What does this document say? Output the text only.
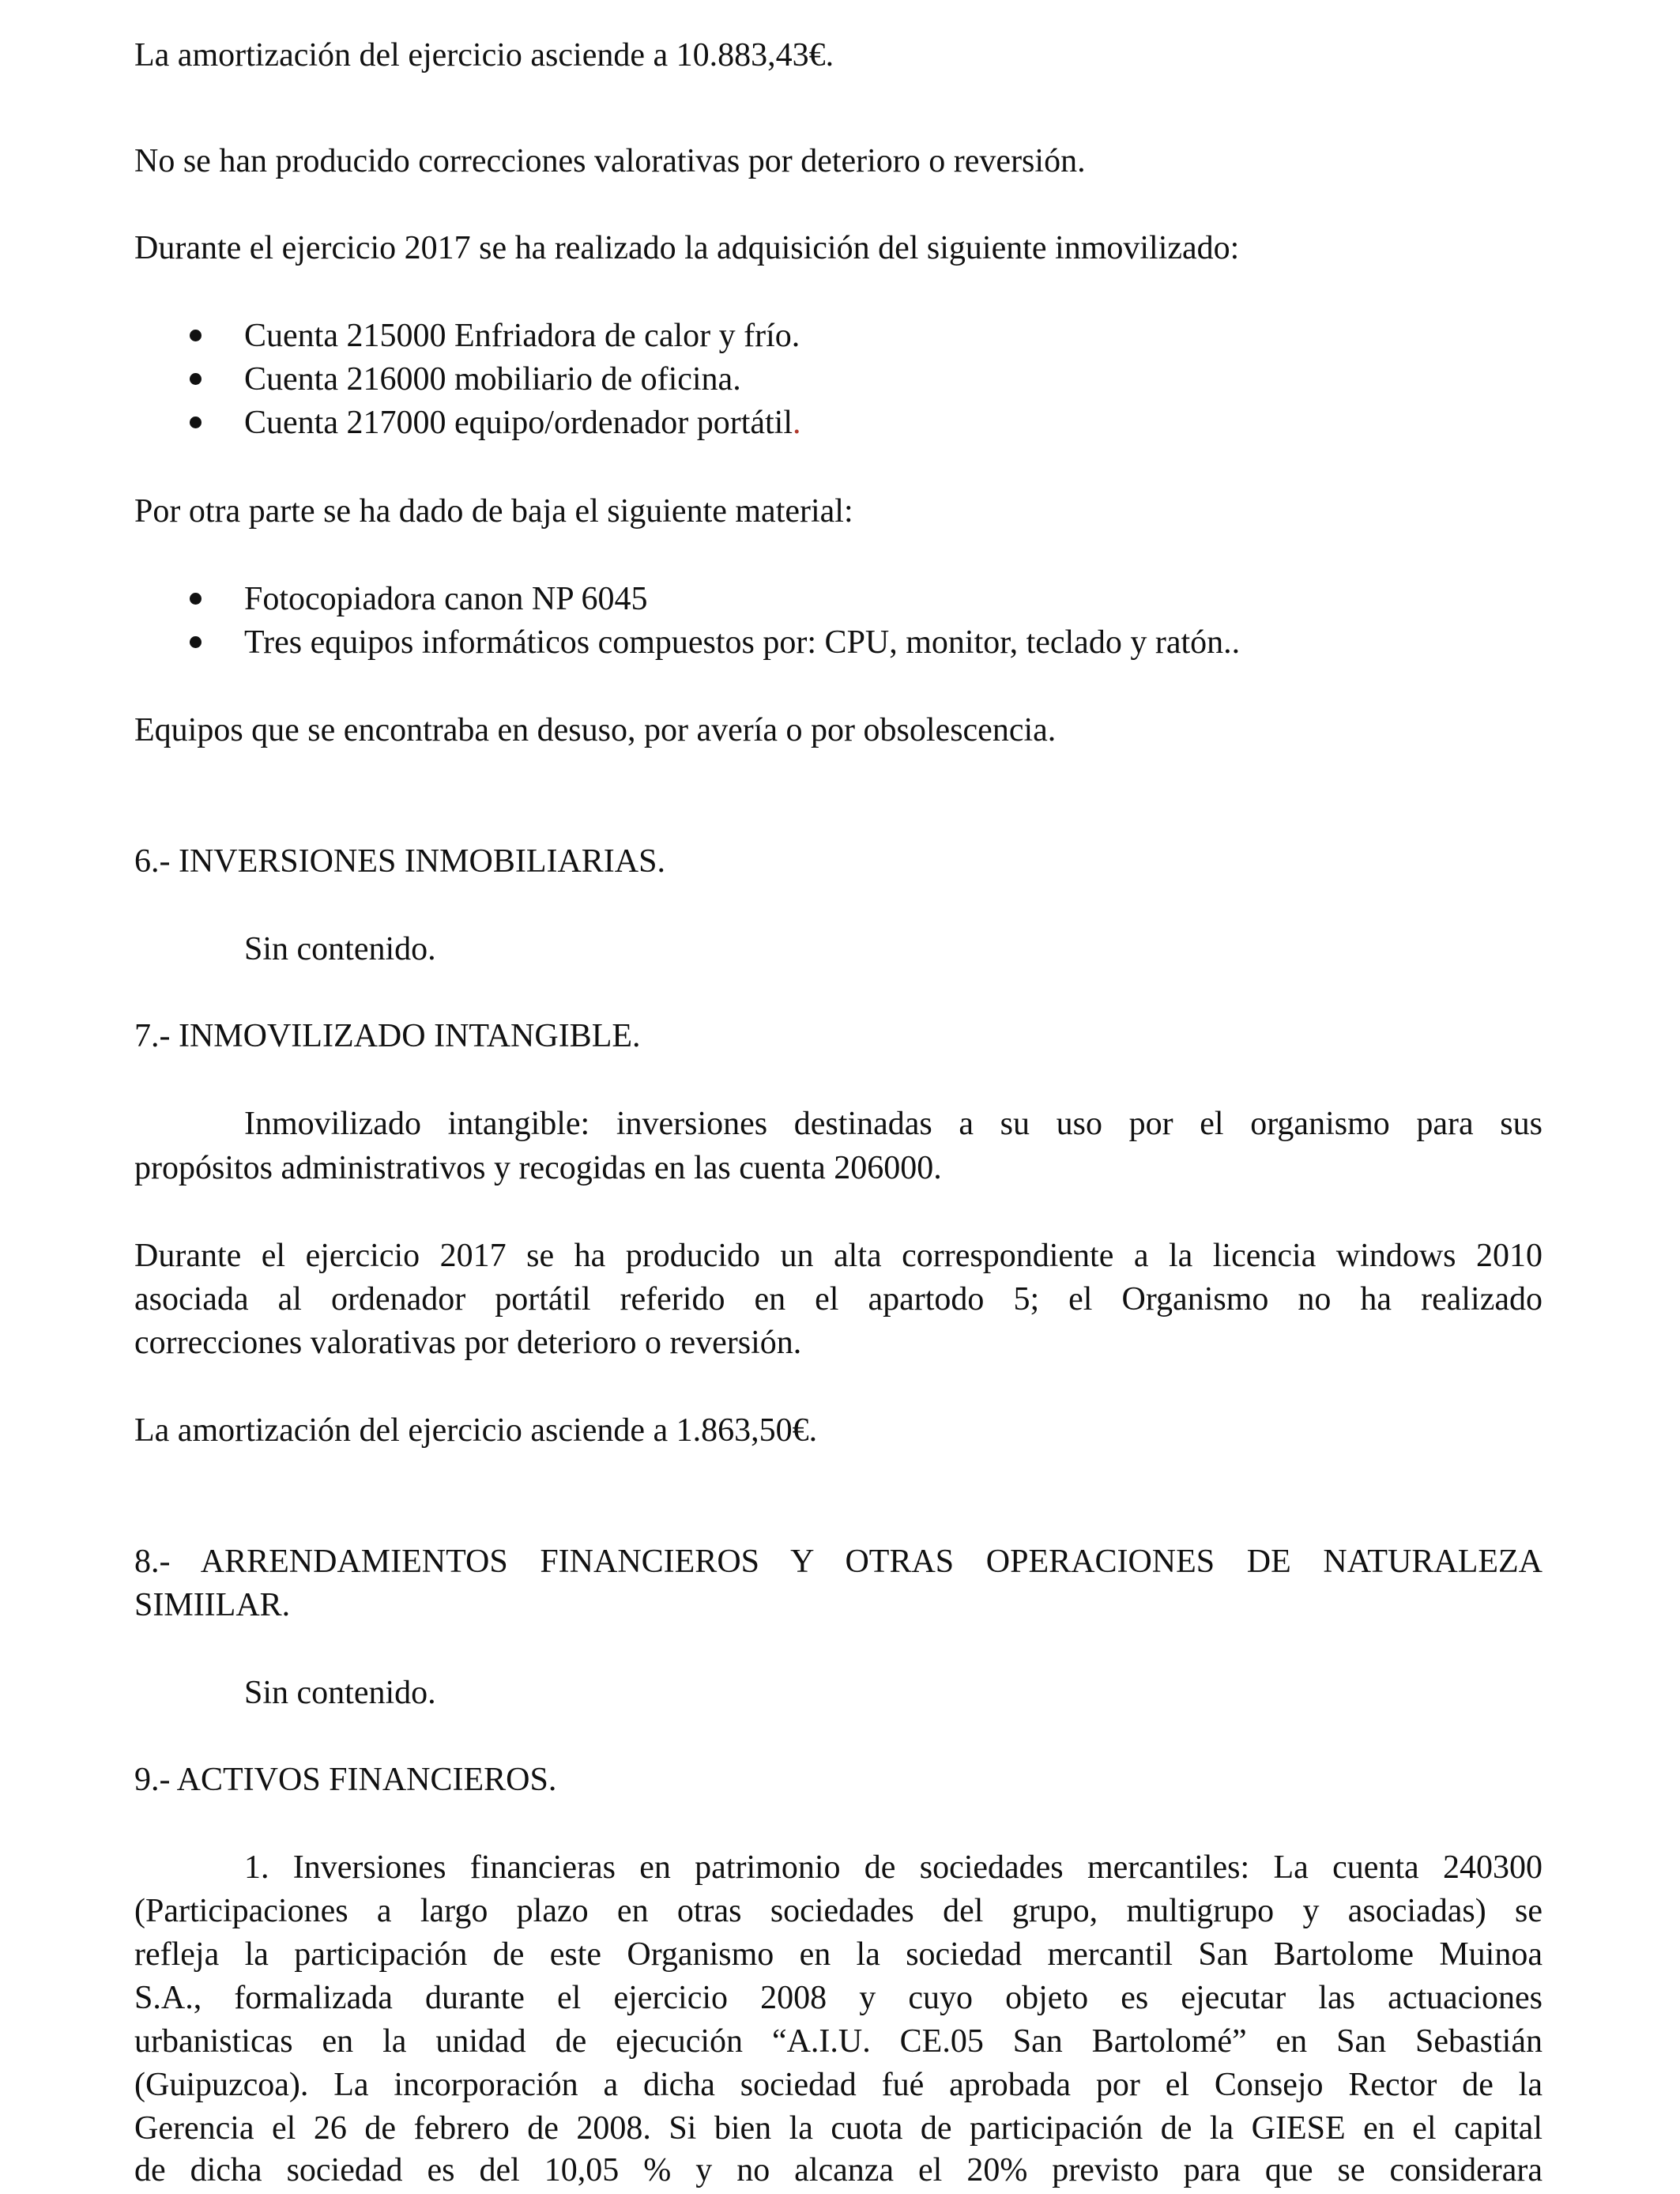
La amortización del ejercicio asciende a 10.883,43€.
No se han producido correcciones valorativas por deterioro o reversión.
Durante el ejercicio 2017 se ha realizado la adquisición del siguiente inmovilizado:
Cuenta 215000 Enfriadora de calor y frío.
Cuenta 216000 mobiliario de oficina.
Cuenta 217000 equipo/ordenador portátil.
Por otra parte se ha dado de baja el siguiente material:
Fotocopiadora canon NP 6045
Tres equipos informáticos compuestos por: CPU, monitor, teclado y ratón..
Equipos que se encontraba en desuso, por avería o por obsolescencia.
6.- INVERSIONES INMOBILIARIAS.
Sin contenido.
7.- INMOVILIZADO INTANGIBLE.
Inmovilizado intangible: inversiones destinadas a su uso por el organismo para sus
propósitos administrativos y recogidas en las cuenta 206000.
Durante el ejercicio 2017 se ha producido un alta correspondiente a la licencia windows 2010
asociada al ordenador portátil referido en el apartodo 5; el Organismo no ha realizado
correcciones valorativas por deterioro o reversión.
La amortización del ejercicio asciende a 1.863,50€.
8.- ARRENDAMIENTOS FINANCIEROS Y OTRAS OPERACIONES DE NATURALEZA
SIMIILAR.
Sin contenido.
9.- ACTIVOS FINANCIEROS.
1. Inversiones financieras en patrimonio de sociedades mercantiles: La cuenta 240300
(Participaciones a largo plazo en otras sociedades del grupo, multigrupo y asociadas) se
refleja la participación de este Organismo en la sociedad mercantil San Bartolome Muinoa
S.A., formalizada durante el ejercicio 2008 y cuyo objeto es ejecutar las actuaciones
urbanisticas en la unidad de ejecución “A.I.U. CE.05 San Bartolomé” en San Sebastián
(Guipuzcoa). La incorporación a dicha sociedad fué aprobada por el Consejo Rector de la
Gerencia el 26 de febrero de 2008. Si bien la cuota de participación de la GIESE en el capital
de dicha sociedad es del 10,05 % y no alcanza el 20% previsto para que se considerara
